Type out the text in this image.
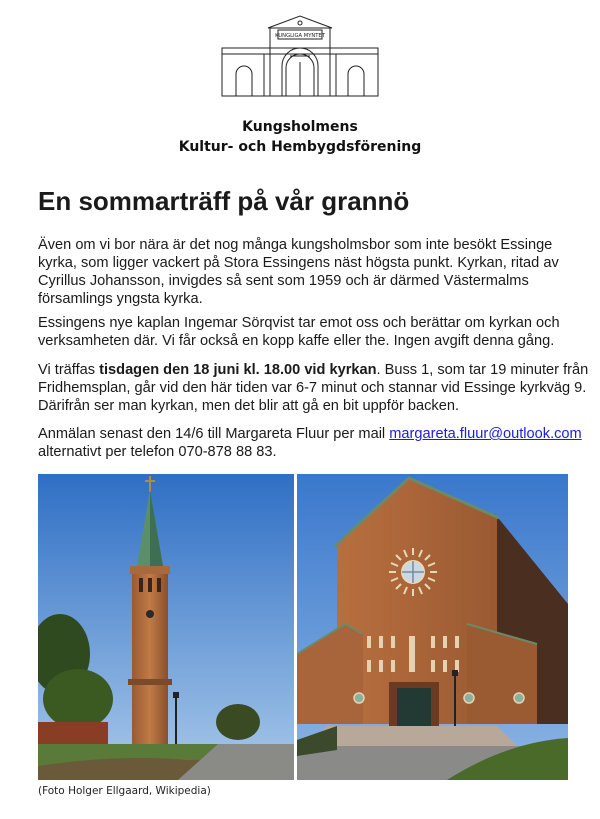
KUNGLIGA MYNTET
Kungsholmens
Kultur- och Hembygdsförening
En sommarträff på vår grannö

Även om vi bor nära är det nog många kungsholmsbor som inte besökt Essinge
kyrka, som ligger vackert på Stora Essingens näst högsta punkt. Kyrkan, ritad av
Cyrillus Johansson, invigdes så sent som 1959 och är därmed Västermalms
församlings yngsta kyrka.

Essingens nye kaplan Ingemar Sörqvist tar emot oss och berättar om kyrkan och
verksamheten där. Vi får också en kopp kaffe eller the. Ingen avgift denna gång.

Vi träffas tisdagen den 18 juni kl. 18.00 vid kyrkan. Buss 1, som tar 19 minuter från
Fridhemsplan, går vid den här tiden var 6-7 minut och stannar vid Essinge kyrkväg 9.
Därifrån ser man kyrkan, men det blir att gå en bit uppför backen.

Anmälan senast den 14/6 till Margareta Fluur per mail margareta.fluur@outlook.com
alternativt per telefon 070-878 88 83.

(Foto Holger Ellgaard, Wikipedia)
